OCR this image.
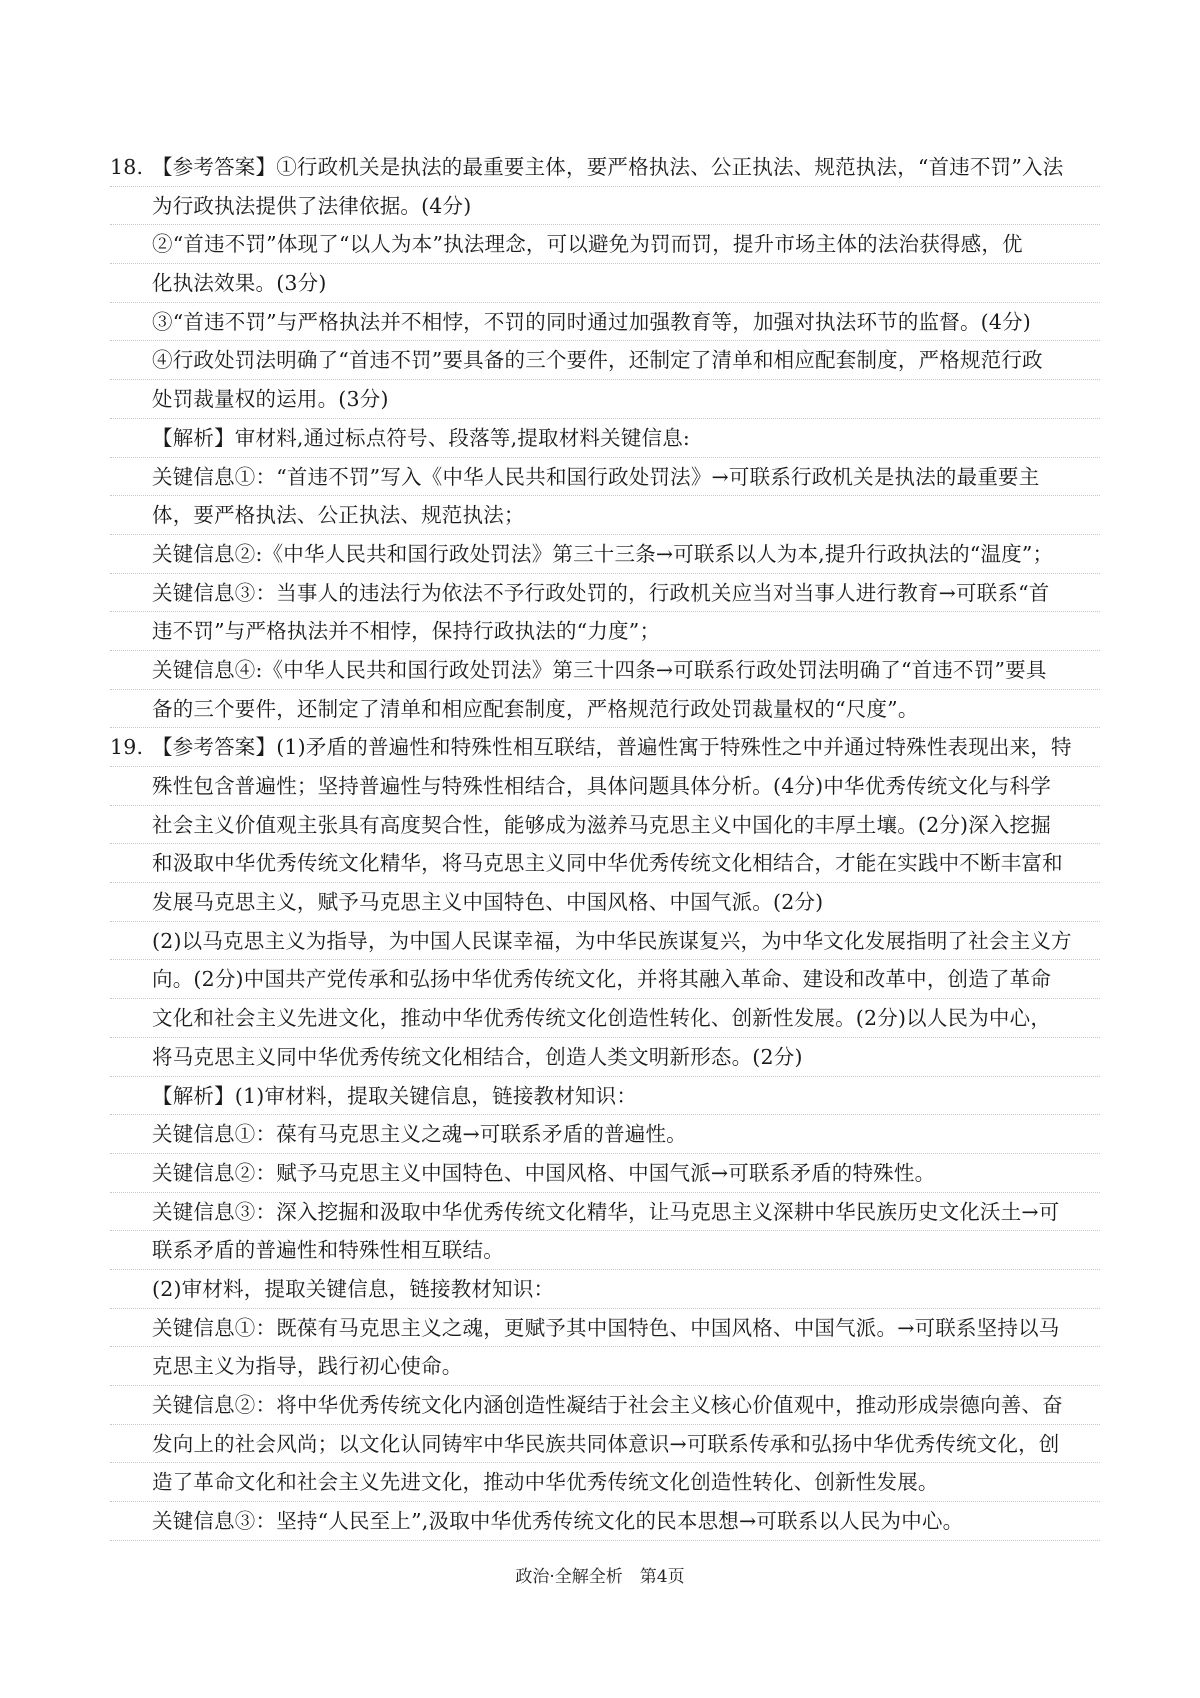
18. 【参考答案】①行政机关是执法的最重要主体，要严格执法、公正执法、规范执法，“首违不罚”入法
为行政执法提供了法律依据。(4分)
②“首违不罚”体现了“以人为本”执法理念，可以避免为罚而罚，提升市场主体的法治获得感，优
化执法效果。(3分)
③“首违不罚”与严格执法并不相悖，不罚的同时通过加强教育等，加强对执法环节的监督。(4分)
④行政处罚法明确了“首违不罚”要具备的三个要件，还制定了清单和相应配套制度，严格规范行政
处罚裁量权的运用。(3分)
【解析】审材料,通过标点符号、段落等,提取材料关键信息:
关键信息①：“首违不罚”写入《中华人民共和国行政处罚法》→可联系行政机关是执法的最重要主
体，要严格执法、公正执法、规范执法；
关键信息②:《中华人民共和国行政处罚法》第三十三条→可联系以人为本,提升行政执法的“温度”；
关键信息③：当事人的违法行为依法不予行政处罚的，行政机关应当对当事人进行教育→可联系“首
违不罚”与严格执法并不相悖，保持行政执法的“力度”；
关键信息④:《中华人民共和国行政处罚法》第三十四条→可联系行政处罚法明确了“首违不罚”要具
备的三个要件，还制定了清单和相应配套制度，严格规范行政处罚裁量权的“尺度”。
19. 【参考答案】(1)矛盾的普遍性和特殊性相互联结，普遍性寓于特殊性之中并通过特殊性表现出来，特
殊性包含普遍性；坚持普遍性与特殊性相结合，具体问题具体分析。(4分)中华优秀传统文化与科学
社会主义价值观主张具有高度契合性，能够成为滋养马克思主义中国化的丰厚土壤。(2分)深入挖掘
和汲取中华优秀传统文化精华，将马克思主义同中华优秀传统文化相结合，才能在实践中不断丰富和
发展马克思主义，赋予马克思主义中国特色、中国风格、中国气派。(2分)
(2)以马克思主义为指导，为中国人民谋幸福，为中华民族谋复兴，为中华文化发展指明了社会主义方
向。(2分)中国共产党传承和弘扬中华优秀传统文化，并将其融入革命、建设和改革中，创造了革命
文化和社会主义先进文化，推动中华优秀传统文化创造性转化、创新性发展。(2分)以人民为中心，
将马克思主义同中华优秀传统文化相结合，创造人类文明新形态。(2分)
【解析】(1)审材料，提取关键信息，链接教材知识：
关键信息①：葆有马克思主义之魂→可联系矛盾的普遍性。
关键信息②：赋予马克思主义中国特色、中国风格、中国气派→可联系矛盾的特殊性。
关键信息③：深入挖掘和汲取中华优秀传统文化精华，让马克思主义深耕中华民族历史文化沃土→可
联系矛盾的普遍性和特殊性相互联结。
(2)审材料，提取关键信息，链接教材知识：
关键信息①：既葆有马克思主义之魂，更赋予其中国特色、中国风格、中国气派。→可联系坚持以马
克思主义为指导，践行初心使命。
关键信息②：将中华优秀传统文化内涵创造性凝结于社会主义核心价值观中，推动形成崇德向善、奋
发向上的社会风尚；以文化认同铸牢中华民族共同体意识→可联系传承和弘扬中华优秀传统文化，创
造了革命文化和社会主义先进文化，推动中华优秀传统文化创造性转化、创新性发展。
关键信息③：坚持“人民至上”,汲取中华优秀传统文化的民本思想→可联系以人民为中心。
政治·全解全析　第4页
